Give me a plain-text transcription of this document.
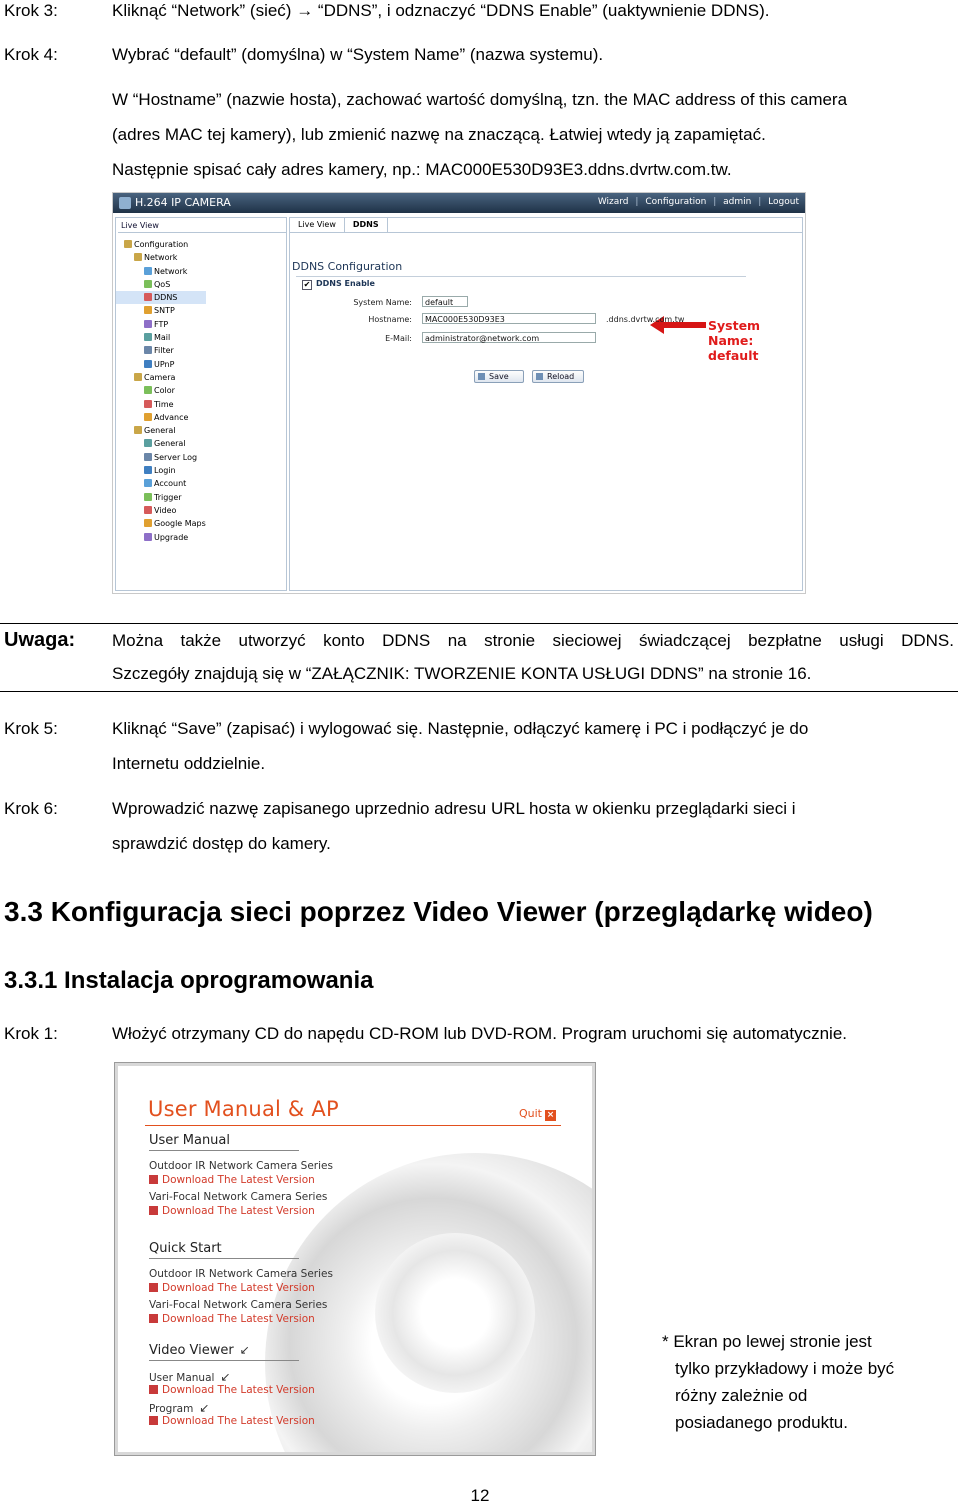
Krok 3:	Kliknąć “Network” (sieć) → “DDNS”, i odznaczyć “DDNS Enable” (uaktywnienie DDNS).
Krok 4:	Wybrać “default” (domyślna) w “System Name” (nazwa systemu).
W “Hostname” (nazwie hosta), zachować wartość domyślną, tzn. the MAC address of this camera
(adres MAC tej kamery), lub zmienić nazwę na znaczącą. Łatwiej wtedy ją zapamiętać.
Następnie spisać cały adres kamery, np.: MAC000E530D93E3.ddns.dvrtw.com.tw.
H.264 IP CAMERA	Wizard | Configuration | admin | Logout
Live View
Configuration
Network
Network
QoS
DDNS
SNTP
FTP
Mail
Filter
UPnP
Camera
Color
Time
Advance
General
General
Server Log
Login
Account
Trigger
Video
Google Maps
Upgrade
Live View DDNS
DDNS Configuration
✔ DDNS Enable
System Name:	default
System Name: default
Hostname:	MAC000E530D93E3	.ddns.dvrtw.com.tw
E-Mail:	administrator@network.com
Save	Reload
Uwaga: Można także utworzyć konto DDNS na stronie sieciowej świadczącej bezpłatne usługi DDNS.
Szczegóły znajdują się w “ZAŁĄCZNIK: TWORZENIE KONTA USŁUGI DDNS” na stronie 16.
Krok 5:	Kliknąć “Save” (zapisać) i wylogować się. Następnie, odłączyć kamerę i PC i podłączyć je do
Internetu oddzielnie.
Krok 6:	Wprowadzić nazwę zapisanego uprzednio adresu URL hosta w okienku przeglądarki sieci i
sprawdzić dostęp do kamery.
3.3 Konfiguracja sieci poprzez Video Viewer (przeglądarkę wideo)
3.3.1 Instalacja oprogramowania
Krok 1:	Włożyć otrzymany CD do napędu CD-ROM lub DVD-ROM. Program uruchomi się automatycznie.
User Manual & AP	Quit ×
User Manual
Outdoor IR Network Camera Series
Download The Latest Version
Vari-Focal Network Camera Series
Download The Latest Version
Quick Start
Outdoor IR Network Camera Series
Download The Latest Version
Vari-Focal Network Camera Series
Download The Latest Version
Video Viewer ↙
User Manual ↙
Download The Latest Version
Program ↙
Download The Latest Version
* Ekran po lewej stronie jest
tylko przykładowy i może być
różny zależnie od
posiadanego produktu.
12
